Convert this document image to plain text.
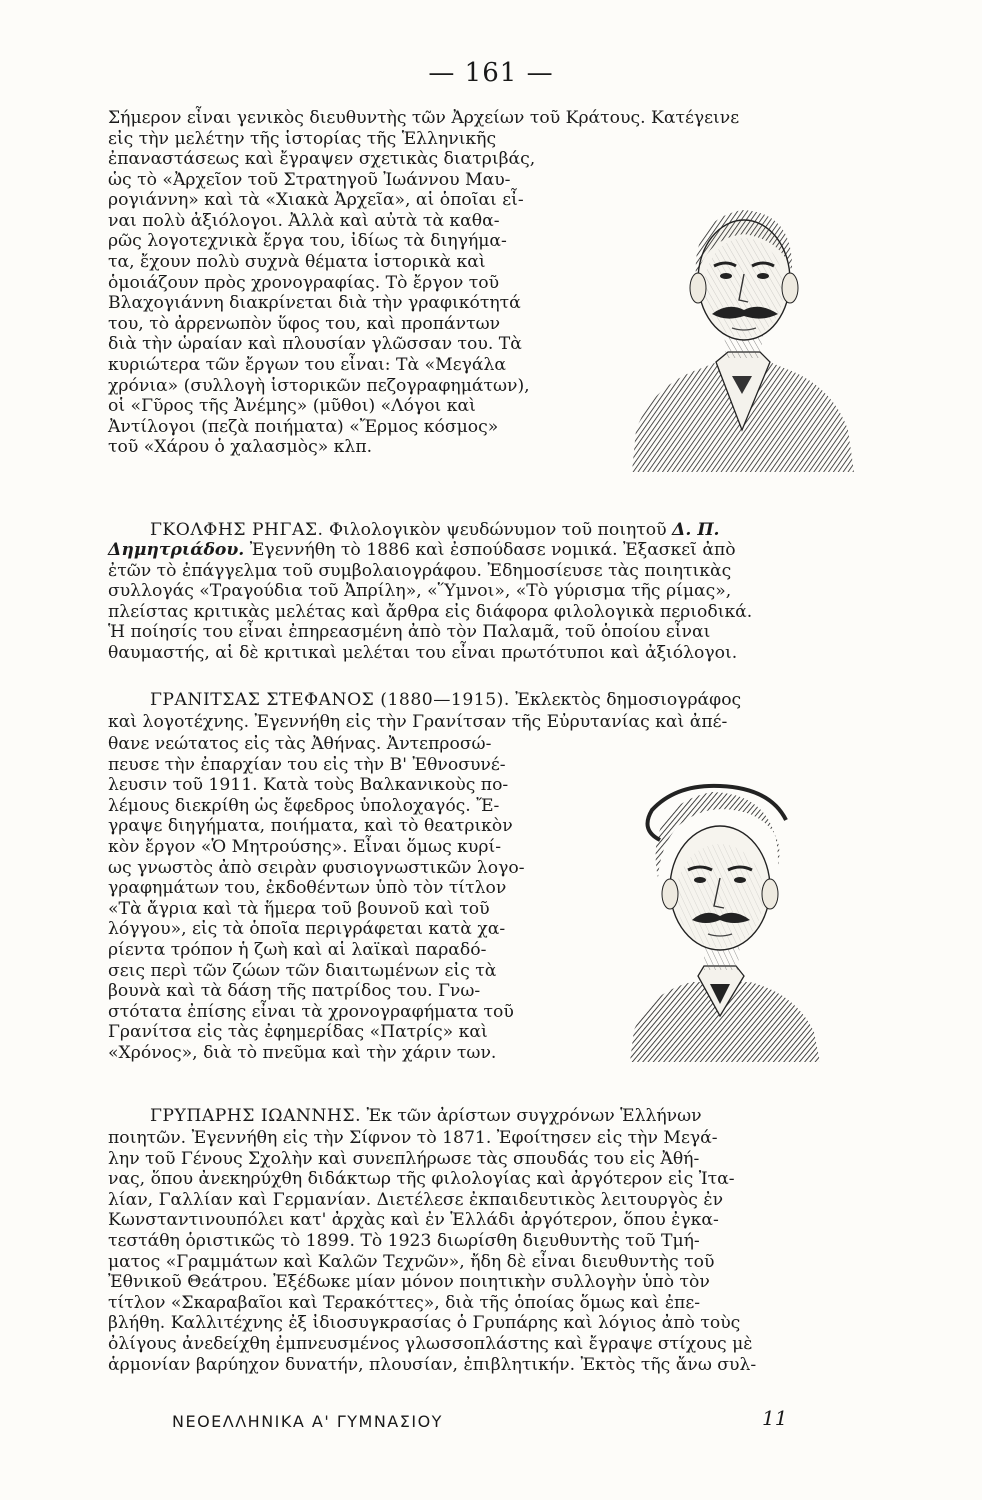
— 161 —
Σήμερον εἶναι γενικὸς διευθυντὴς τῶν Ἀρχείων τοῦ Κράτους. Κατέγεινε
εἰς τὴν μελέτην τῆς ἱστορίας τῆς Ἑλληνικῆς
ἐπαναστάσεως καὶ ἔγραψεν σχετικὰς διατριβάς,
ὡς τὸ «Ἀρχεῖον τοῦ Στρατηγοῦ Ἰωάννου Μαυ-
ρογιάννη» καὶ τὰ «Χιακὰ Ἀρχεῖα», αἱ ὁποῖαι εἶ-
ναι πολὺ ἀξιόλογοι. Ἀλλὰ καὶ αὐτὰ τὰ καθα-
ρῶς λογοτεχνικὰ ἔργα του, ἰδίως τὰ διηγήμα-
τα, ἔχουν πολὺ συχνὰ θέματα ἱστορικὰ καὶ
ὁμοιάζουν πρὸς χρονογραφίας. Τὸ ἔργον τοῦ
Βλαχογιάννη διακρίνεται διὰ τὴν γραφικότητά
του, τὸ ἀρρενωπὸν ὕφος του, καὶ προπάντων
διὰ τὴν ὡραίαν καὶ πλουσίαν γλῶσσαν του. Τὰ
κυριώτερα τῶν ἔργων του εἶναι: Τὰ «Μεγάλα
χρόνια» (συλλογὴ ἱστορικῶν πεζογραφημάτων),
οἱ «Γῦρος τῆς Ἀνέμης» (μῦθοι) «Λόγοι καὶ
Ἀντίλογοι (πεζὰ ποιήματα) «Ἔρμος κόσμος»
τοῦ «Χάρου ὁ χαλασμὸς» κλπ.
ΓΚΟΛΦΗΣ ΡΗΓΑΣ. Φιλολογικὸν ψευδώνυμον τοῦ ποιητοῦ Δ. Π.
Δημητριάδου. Ἐγεννήθη τὸ 1886 καὶ ἐσπούδασε νομικά. Ἐξασκεῖ ἀπὸ
ἐτῶν τὸ ἐπάγγελμα τοῦ συμβολαιογράφου. Ἐδημοσίευσε τὰς ποιητικὰς
συλλογάς «Τραγούδια τοῦ Ἀπρίλη», «Ὕμνοι», «Τὸ γύρισμα τῆς ρίμας»,
πλείστας κριτικὰς μελέτας καὶ ἄρθρα εἰς διάφορα φιλολογικὰ περιοδικά.
Ἡ ποίησίς του εἶναι ἐπηρεασμένη ἀπὸ τὸν Παλαμᾶ, τοῦ ὁποίου εἶναι
θαυμαστής, αἱ δὲ κριτικαὶ μελέται του εἶναι πρωτότυποι καὶ ἀξιόλογοι.
ΓΡΑΝΙΤΣΑΣ ΣΤΕΦΑΝΟΣ (1880—1915). Ἐκλεκτὸς δημοσιογράφος
καὶ λογοτέχνης. Ἐγεννήθη εἰς τὴν Γρανίτσαν τῆς Εὐρυτανίας καὶ ἀπέ-
θανε νεώτατος εἰς τὰς Ἀθήνας. Ἀντεπροσώ-
πευσε τὴν ἐπαρχίαν του εἰς τὴν Β' Ἐθνοσυνέ-
λευσιν τοῦ 1911. Κατὰ τοὺς Βαλκανικοὺς πο-
λέμους διεκρίθη ὡς ἔφεδρος ὑπολοχαγός. Ἔ-
γραψε διηγήματα, ποιήματα, καὶ τὸ θεατρικὸν
κὸν ἔργον «Ὁ Μητρούσης». Εἶναι ὅμως κυρί-
ως γνωστὸς ἀπὸ σειρὰν φυσιογνωστικῶν λογο-
γραφημάτων του, ἐκδοθέντων ὑπὸ τὸν τίτλον
«Τὰ ἄγρια καὶ τὰ ἥμερα τοῦ βουνοῦ καὶ τοῦ
λόγγου», εἰς τὰ ὁποῖα περιγράφεται κατὰ χα-
ρίεντα τρόπον ἡ ζωὴ καὶ αἱ λαϊκαὶ παραδό-
σεις περὶ τῶν ζώων τῶν διαιτωμένων εἰς τὰ
βουνὰ καὶ τὰ δάση τῆς πατρίδος του. Γνω-
στότατα ἐπίσης εἶναι τὰ χρονογραφήματα τοῦ
Γρανίτσα εἰς τὰς ἐφημερίδας «Πατρίς» καὶ
«Χρόνος», διὰ τὸ πνεῦμα καὶ τὴν χάριν των.
ΓΡΥΠΑΡΗΣ ΙΩΑΝΝΗΣ. Ἐκ τῶν ἀρίστων συγχρόνων Ἑλλήνων
ποιητῶν. Ἐγεννήθη εἰς τὴν Σίφνον τὸ 1871. Ἐφοίτησεν εἰς τὴν Μεγά-
λην τοῦ Γένους Σχολὴν καὶ συνεπλήρωσε τὰς σπουδάς του εἰς Ἀθή-
νας, ὅπου ἀνεκηρύχθη διδάκτωρ τῆς φιλολογίας καὶ ἀργότερον εἰς Ἰτα-
λίαν, Γαλλίαν καὶ Γερμανίαν. Διετέλεσε ἐκπαιδευτικὸς λειτουργὸς ἐν
Κωνσταντινουπόλει κατ' ἀρχὰς καὶ ἐν Ἑλλάδι ἀργότερον, ὅπου ἐγκα-
τεστάθη ὁριστικῶς τὸ 1899. Τὸ 1923 διωρίσθη διευθυντὴς τοῦ Τμή-
ματος «Γραμμάτων καὶ Καλῶν Τεχνῶν», ἤδη δὲ εἶναι διευθυντὴς τοῦ
Ἐθνικοῦ Θεάτρου. Ἐξέδωκε μίαν μόνον ποιητικὴν συλλογὴν ὑπὸ τὸν
τίτλον «Σκαραβαῖοι καὶ Τερακόττες», διὰ τῆς ὁποίας ὅμως καὶ ἐπε-
βλήθη. Καλλιτέχνης ἐξ ἰδιοσυγκρασίας ὁ Γρυπάρης καὶ λόγιος ἀπὸ τοὺς
ὀλίγους ἀνεδείχθη ἐμπνευσμένος γλωσσοπλάστης καὶ ἔγραψε στίχους μὲ
ἁρμονίαν βαρύηχον δυνατήν, πλουσίαν, ἐπιβλητικήν. Ἐκτὸς τῆς ἄνω συλ-
ΝΕΟΕΛΛΗΝΙΚΑ Α' ΓΥΜΝΑΣΙΟΥ	11
